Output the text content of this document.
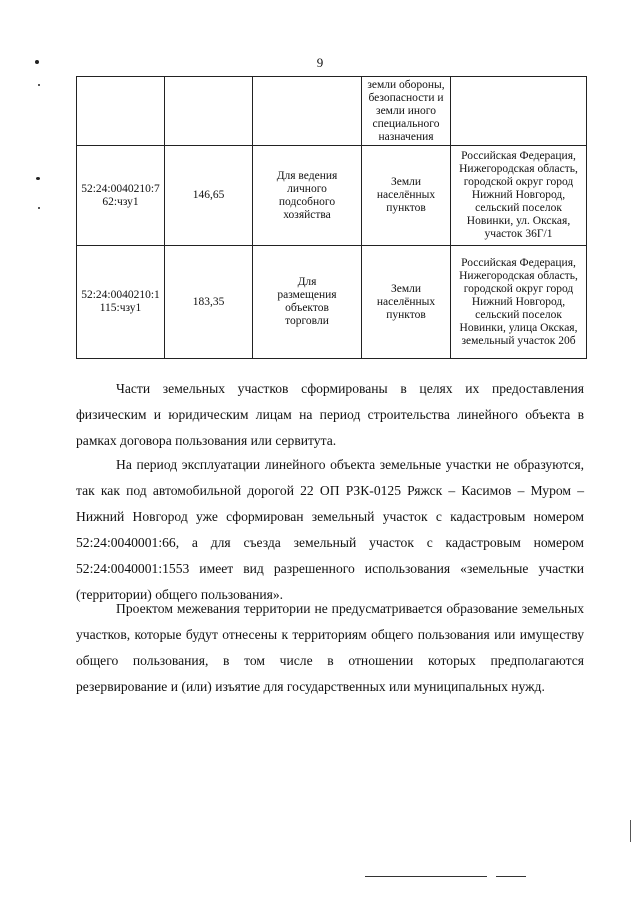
9
			земли обороны, безопасности и земли иного специального назначения	
52:24:0040210:762:чзу1	146,65	Для ведения личного подсобного хозяйства	Земли населённых пунктов	Российская Федерация, Нижегородская область, городской округ город Нижний Новгород, сельский поселок Новинки, ул. Окская, участок 36Г/1
52:24:0040210:1115:чзу1	183,35	Для размещения объектов торговли	Земли населённых пунктов	Российская Федерация, Нижегородская область, городской округ город Нижний Новгород, сельский поселок Новинки, улица Окская, земельный участок 20б

Части земельных участков сформированы в целях их предоставления физическим и юридическим лицам на период строительства линейного объекта в рамках договора пользования или сервитута.

На период эксплуатации линейного объекта земельные участки не образуются, так как под автомобильной дорогой 22 ОП РЗК-0125 Ряжск – Касимов – Муром – Нижний Новгород уже сформирован земельный участок с кадастровым номером 52:24:0040001:66, а для съезда земельный участок с кадастровым номером 52:24:0040001:1553 имеет вид разрешенного использования «земельные участки (территории) общего пользования».

Проектом межевания территории не предусматривается образование земельных участков, которые будут отнесены к территориям общего пользования или имуществу общего пользования, в том числе в отношении которых предполагаются резервирование и (или) изъятие для государственных или муниципальных нужд.
